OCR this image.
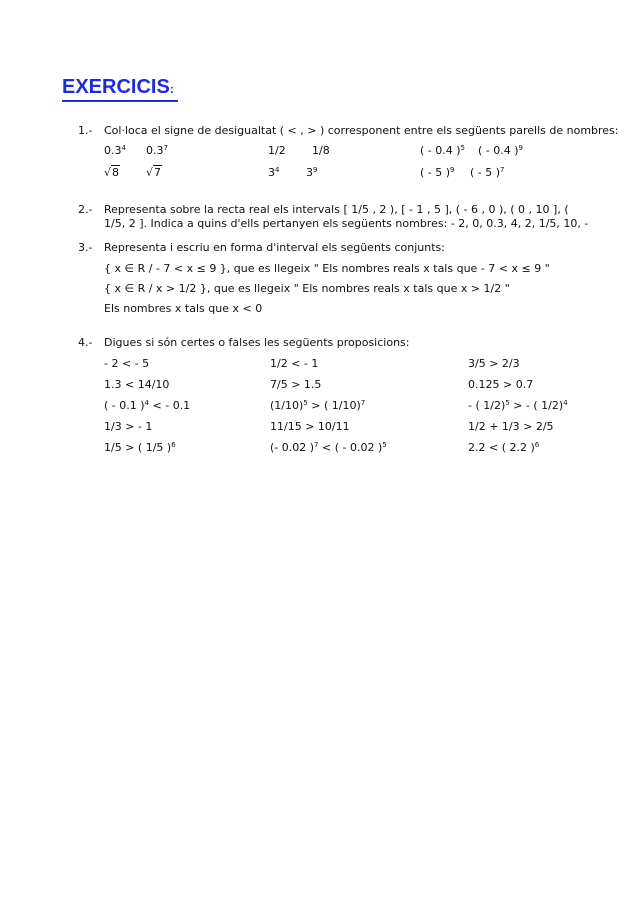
EXERCICIS:
1.- Col·loca el signe de desigualtat ( < , > ) corresponent entre els següents parells de nombres:
$0.3^4$ $0.3^7$	1/2 1/8	( - 0.4 )$^5$ ( - 0.4 )$^9$
√8 √7	$3^4$ $3^9$	( - 5 )$^9$ ( - 5 )$^7$
2.- Representa sobre la recta real els intervals [ 1/5 , 2 ), [ - 1 , 5 ], ( - 6 , 0 ), ( 0 , 10 ], (
1/5, 2 ]. Indica a quins d'ells pertanyen els següents nombres: - 2, 0, 0.3, 4, 2, 1/5, 10, -
3.- Representa i escriu en forma d'interval els següents conjunts:
{ x ∈ R / - 7 < x ≤ 9 }, que es llegeix " Els nombres reals x tals que - 7 < x ≤ 9 "
{ x ∈ R / x > 1/2 }, que es llegeix " Els nombres reals x tals que x > 1/2 "
Els nombres x tals que x < 0
4.- Digues si són certes o falses les següents proposicions:
- 2 < - 5	1/2 < - 1	3/5 > 2/3
1.3 < 14/10	7/5 > 1.5	0.125 > 0.7
( - 0.1 )$^4$ < - 0.1	$(1/10)^5$ > ( 1/10)$^7$	- ( 1/2)$^5$ > - ( 1/2)$^4$
1/3 > - 1	11/15 > 10/11	1/2 + 1/3 > 2/5
1/5 > ( 1/5 )$^6$	(- 0.02 )$^7$ < ( - 0.02 )$^5$	2.2 < ( 2.2 )$^6$
